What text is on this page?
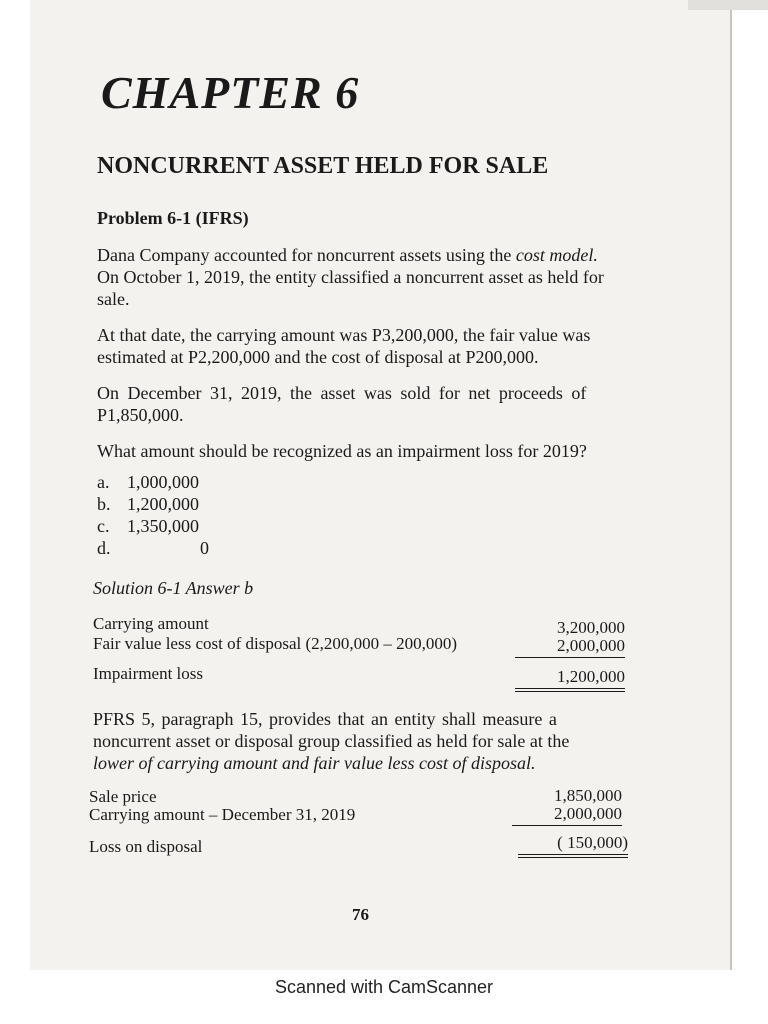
CHAPTER 6
NONCURRENT ASSET HELD FOR SALE
Problem 6-1 (IFRS)
Dana Company accounted for noncurrent assets using the cost model.
On October 1, 2019, the entity classified a noncurrent asset as held for
sale.
At that date, the carrying amount was P3,200,000, the fair value was
estimated at P2,200,000 and the cost of disposal at P200,000.
On December 31, 2019, the asset was sold for net proceeds of
P1,850,000.
What amount should be recognized as an impairment loss for 2019?
a. 1,000,000
b. 1,200,000
c. 1,350,000
d.	0
Solution 6-1 Answer b
Carrying amount	3,200,000
Fair value less cost of disposal (2,200,000 – 200,000)	2,000,000
Impairment loss	1,200,000
PFRS 5, paragraph 15, provides that an entity shall measure a
noncurrent asset or disposal group classified as held for sale at the
lower of carrying amount and fair value less cost of disposal.
Sale price	1,850,000
Carrying amount – December 31, 2019	2,000,000
Loss on disposal	( 150,000)
76
Scanned with CamScanner
